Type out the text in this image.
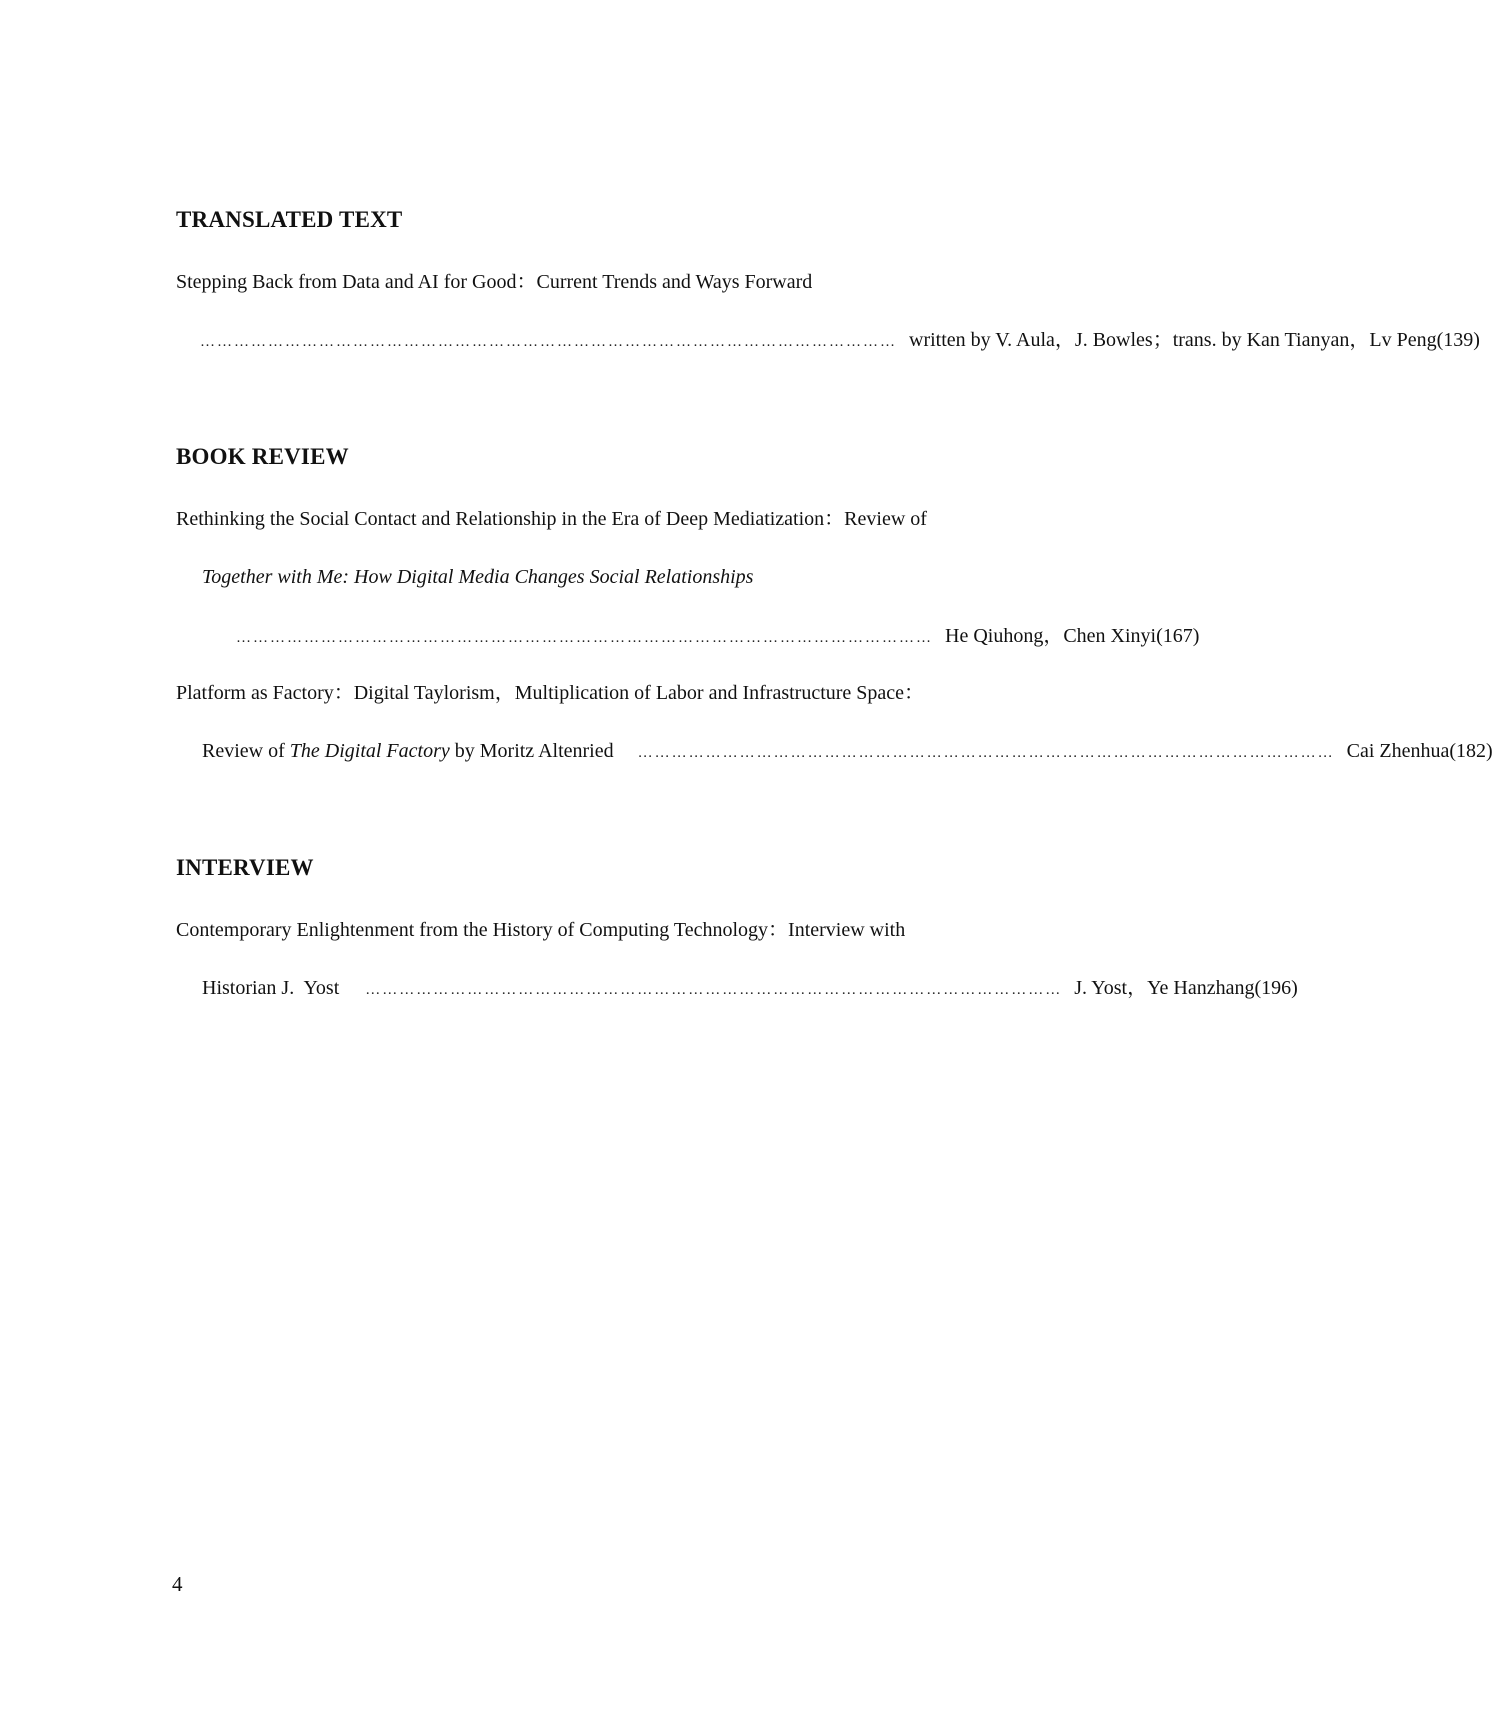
TRANSLATED TEXT
Stepping Back from Data and AI for Good：Current Trends and Ways Forward
…………………………………………………………………………………………………………… written by V. Aula，J. Bowles；trans. by Kan Tianyan，Lv Peng (139)
BOOK REVIEW
Rethinking the Social Contact and Relationship in the Era of Deep Mediatization：Review of
Together with Me: How Digital Media Changes Social Relationships
…………………………………………………………………………………………………………… He Qiuhong，Chen Xinyi (167)
Platform as Factory：Digital Taylorism，Multiplication of Labor and Infrastructure Space：
Review of The Digital Factory by Moritz Altenried …………………………………………………………………………………………………………… Cai Zhenhua (182)
INTERVIEW
Contemporary Enlightenment from the History of Computing Technology：Interview with
Historian J.  Yost …………………………………………………………………………………………………………… J. Yost，Ye Hanzhang (196)
4
